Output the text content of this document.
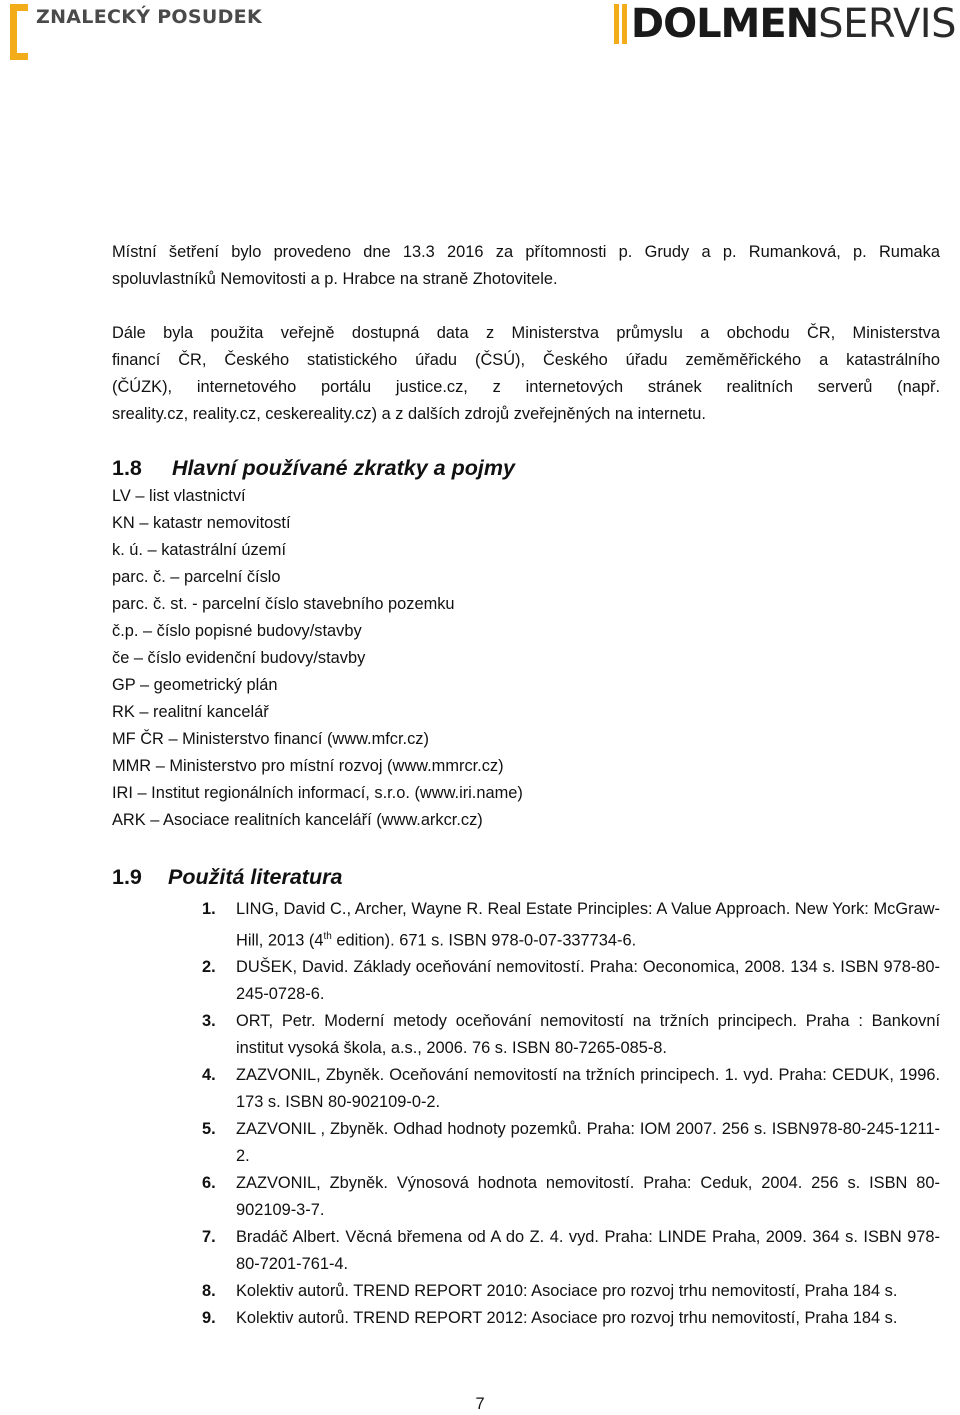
ZNALECKÝ POSUDEK	DOLMEN SERVIS

Místní šetření bylo provedeno dne 13.3 2016 za přítomnosti p. Grudy a p. Rumanková, p. Rumaka
spoluvlastníků Nemovitosti a p. Hrabce na straně Zhotovitele.

Dále byla použita veřejně dostupná data z Ministerstva průmyslu a obchodu ČR, Ministerstva
financí ČR, Českého statistického úřadu (ČSÚ), Českého úřadu zeměměřického a katastrálního
(ČÚZK), internetového portálu justice.cz, z internetových stránek realitních serverů (např.
sreality.cz, reality.cz, ceskereality.cz) a z dalších zdrojů zveřejněných na internetu.

1.8 Hlavní používané zkratky a pojmy
LV – list vlastnictví
KN – katastr nemovitostí
k. ú. – katastrální území
parc. č. – parcelní číslo
parc. č. st. - parcelní číslo stavebního pozemku
č.p. – číslo popisné budovy/stavby
če – číslo evidenční budovy/stavby
GP – geometrický plán
RK – realitní kancelář
MF ČR – Ministerstvo financí (www.mfcr.cz)
MMR – Ministerstvo pro místní rozvoj (www.mmrcr.cz)
IRI – Institut regionálních informací, s.r.o. (www.iri.name)
ARK – Asociace realitních kanceláří (www.arkcr.cz)
1.9 Použitá literatura
1.	LING, David C., Archer, Wayne R. Real Estate Principles: A Value Approach. New York: McGraw-Hill, 2013 (4th edition). 671 s. ISBN 978-0-07-337734-6.
2.	DUŠEK, David. Základy oceňování nemovitostí. Praha: Oeconomica, 2008. 134 s. ISBN 978-80-245-0728-6.
3.	ORT, Petr. Moderní metody oceňování nemovitostí na tržních principech. Praha : Bankovní institut vysoká škola, a.s., 2006. 76 s. ISBN 80-7265-085-8.
4.	ZAZVONIL, Zbyněk. Oceňování nemovitostí na tržních principech. 1. vyd. Praha: CEDUK, 1996. 173 s. ISBN 80-902109-0-2.
5.	ZAZVONIL , Zbyněk. Odhad hodnoty pozemků. Praha: IOM 2007. 256 s. ISBN978-80-245-1211-2.
6.	ZAZVONIL, Zbyněk. Výnosová hodnota nemovitostí. Praha: Ceduk, 2004. 256 s. ISBN 80-902109-3-7.
7.	Bradáč Albert. Věcná břemena od A do Z. 4. vyd. Praha: LINDE Praha, 2009. 364 s. ISBN 978-80-7201-761-4.
8.	Kolektiv autorů. TREND REPORT 2010: Asociace pro rozvoj trhu nemovitostí, Praha 184 s.
9.	Kolektiv autorů. TREND REPORT 2012: Asociace pro rozvoj trhu nemovitostí, Praha 184 s.
7
